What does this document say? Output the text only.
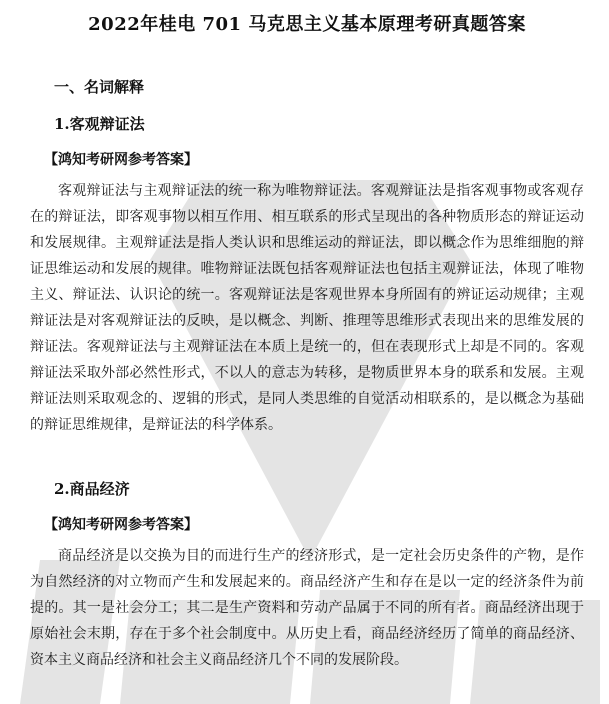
2022年桂电 701 马克思主义基本原理考研真题答案
一、名词解释
1.客观辩证法
【鸿知考研网参考答案】

客观辩证法与主观辩证法的统一称为唯物辩证法。客观辩证法是指客观事物或客观存在的辩证法，即客观事物以相互作用、相互联系的形式呈现出的各种物质形态的辩证运动和发展规律。主观辩证法是指人类认识和思维运动的辩证法，即以概念作为思维细胞的辩证思维运动和发展的规律。唯物辩证法既包括客观辩证法也包括主观辩证法，体现了唯物主义、辩证法、认识论的统一。客观辩证法是客观世界本身所固有的辨证运动规律；主观辩证法是对客观辩证法的反映，是以概念、判断、推理等思维形式表现出来的思维发展的辩证法。客观辩证法与主观辩证法在本质上是统一的，但在表现形式上却是不同的。客观辩证法采取外部必然性形式，不以人的意志为转移，是物质世界本身的联系和发展。主观辩证法则采取观念的、逻辑的形式，是同人类思维的自觉活动相联系的，是以概念为基础的辩证思维规律，是辩证法的科学体系。

2.商品经济
【鸿知考研网参考答案】

商品经济是以交换为目的而进行生产的经济形式，是一定社会历史条件的产物，是作为自然经济的对立物而产生和发展起来的。商品经济产生和存在是以一定的经济条件为前提的。其一是社会分工；其二是生产资料和劳动产品属于不同的所有者。商品经济出现于原始社会末期，存在于多个社会制度中。从历史上看，商品经济经历了简单的商品经济、资本主义商品经济和社会主义商品经济几个不同的发展阶段。
